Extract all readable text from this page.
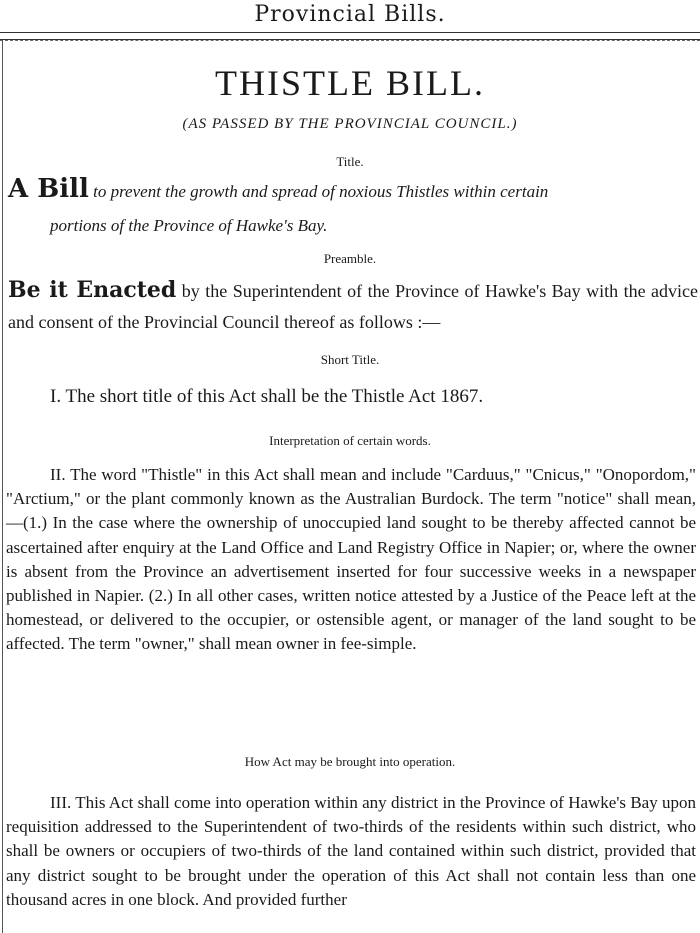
Provincial Bills.
THISTLE BILL.
(AS PASSED BY THE PROVINCIAL COUNCIL.)
Title.
A Bill to prevent the growth and spread of noxious Thistles within certain
portions of the Province of Hawke's Bay.
Preamble.
Be it Enacted by the Superintendent of the Province of Hawke's Bay with the advice and consent of the Provincial Council thereof as follows :—
Short Title.
I. The short title of this Act shall be the Thistle Act 1867.
Interpretation of certain words.
II. The word "Thistle" in this Act shall mean and include "Carduus," "Cnicus," "Onopordom," "Arctium," or the plant commonly known as the Australian Burdock. The term "notice" shall mean,—(1.) In the case where the ownership of unoccupied land sought to be thereby affected cannot be ascertained after enquiry at the Land Office and Land Registry Office in Napier; or, where the owner is absent from the Province an advertisement inserted for four successive weeks in a newspaper published in Napier. (2.) In all other cases, written notice attested by a Justice of the Peace left at the homestead, or delivered to the occupier, or ostensible agent, or manager of the land sought to be affected. The term "owner," shall mean owner in fee-simple.
How Act may be brought into operation.
III. This Act shall come into operation within any district in the Province of Hawke's Bay upon requisition addressed to the Superintendent of two-thirds of the residents within such district, who shall be owners or occupiers of two-thirds of the land contained within such district, provided that any district sought to be brought under the operation of this Act shall not contain less than one thousand acres in one block. And provided further
